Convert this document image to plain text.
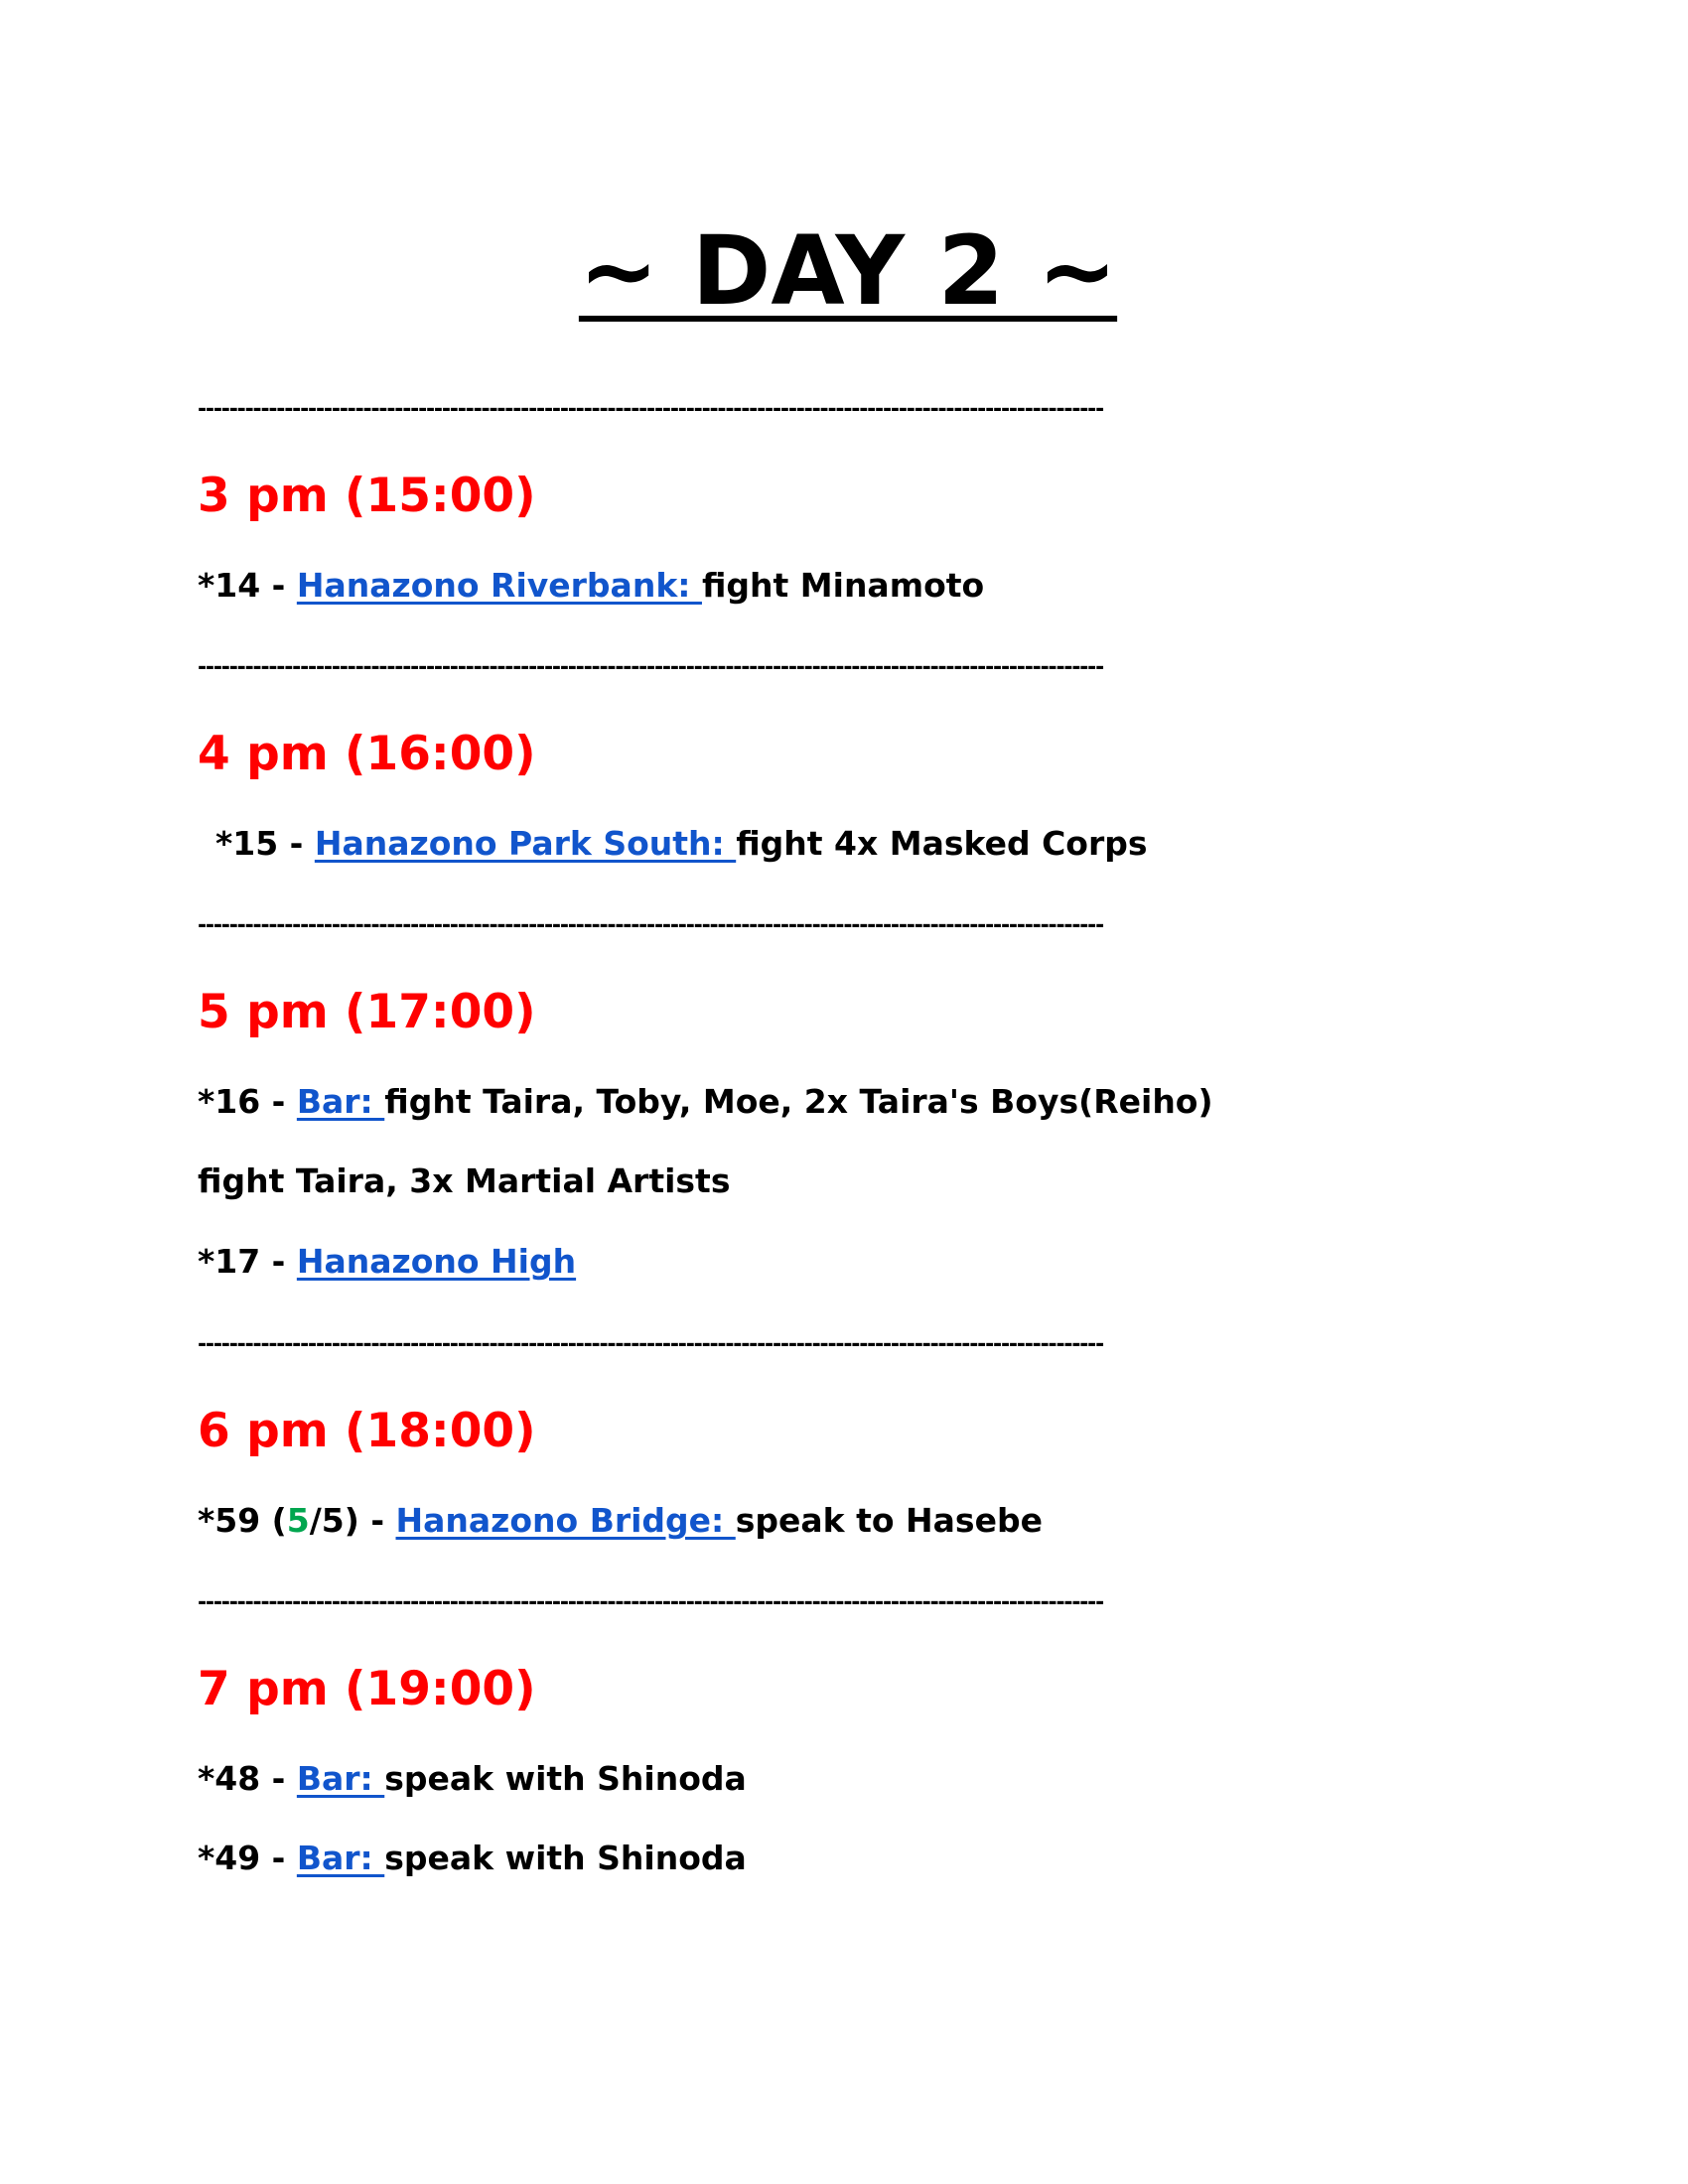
~ DAY 2 ~
-------------------------------------------------------------------------------------------------------------------
3 pm (15:00)
*14 - Hanazono Riverbank: fight Minamoto
-------------------------------------------------------------------------------------------------------------------
4 pm (16:00)
*15 - Hanazono Park South: fight 4x Masked Corps
-------------------------------------------------------------------------------------------------------------------
5 pm (17:00)
*16 - Bar: fight Taira, Toby, Moe, 2x Taira's Boys(Reiho)
fight Taira, 3x Martial Artists
*17 - Hanazono High
-------------------------------------------------------------------------------------------------------------------
6 pm (18:00)
*59 (5/5) - Hanazono Bridge: speak to Hasebe
-------------------------------------------------------------------------------------------------------------------
7 pm (19:00)
*48 - Bar: speak with Shinoda
*49 - Bar: speak with Shinoda
